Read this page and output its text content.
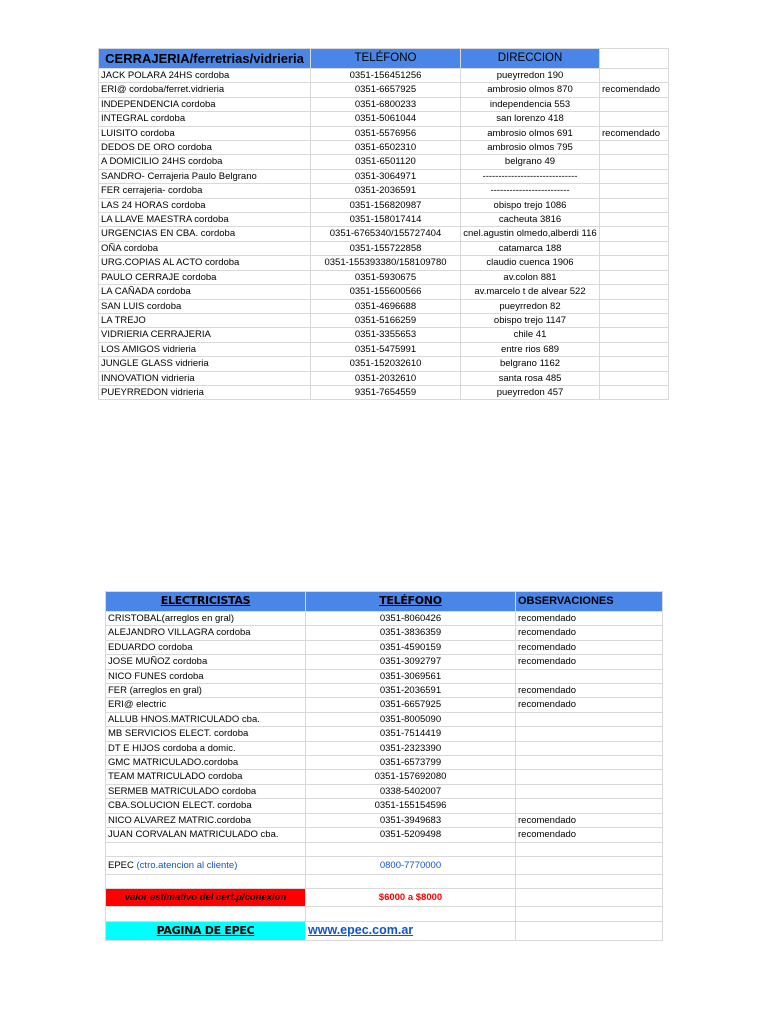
CERRAJERIA/ferretrias/vidrieria	TELÉFONO	DIRECCION	
JACK POLARA 24HS cordoba	0351-156451256	pueyrredon 190	
ERI@ cordoba/ferret.vidrieria	0351-6657925	ambrosio olmos 870	recomendado
INDEPENDENCIA cordoba	0351-6800233	independencia 553	
INTEGRAL cordoba	0351-5061044	san lorenzo 418	
LUISITO cordoba	0351-5576956	ambrosio olmos 691	recomendado
DEDOS DE ORO cordoba	0351-6502310	ambrosio olmos 795	
A DOMICILIO 24HS cordoba	0351-6501120	belgrano 49	
SANDRO- Cerrajeria Paulo Belgrano	0351-3064971	------------------------------	
FER cerrajeria- cordoba	0351-2036591	-------------------------	
LAS 24 HORAS cordoba	0351-156820987	obispo trejo 1086	
LA LLAVE MAESTRA cordoba	0351-158017414	cacheuta 3816	
URGENCIAS EN CBA. cordoba	0351-6765340/155727404	cnel.agustin olmedo,alberdi 116	
OÑA cordoba	0351-155722858	catamarca 188	
URG.COPIAS AL ACTO cordoba	0351-155393380/158109780	claudio cuenca 1906	
PAULO CERRAJE cordoba	0351-5930675	av.colon 881	
LA CAÑADA cordoba	0351-155600566	av.marcelo t de alvear 522	
SAN LUIS cordoba	0351-4696688	pueyrredon 82	
LA TREJO	0351-5166259	obispo trejo 1147	
VIDRIERIA CERRAJERIA	0351-3355653	chile 41	
LOS AMIGOS vidrieria	0351-5475991	entre rios 689	
JUNGLE GLASS vidrieria	0351-152032610	belgrano 1162	
INNOVATION vidrieria	0351-2032610	santa rosa 485	
PUEYRREDON vidrieria	9351-7654559	pueyrredon 457	
ELECTRICISTAS	TELÉFONO	OBSERVACIONES
CRISTOBAL(arreglos en gral)	0351-8060426	recomendado
ALEJANDRO VILLAGRA cordoba	0351-3836359	recomendado
EDUARDO cordoba	0351-4590159	recomendado
JOSE MUÑOZ cordoba	0351-3092797	recomendado
NICO FUNES cordoba	0351-3069561	
FER (arreglos en gral)	0351-2036591	recomendado
ERI@ electric	0351-6657925	recomendado
ALLUB HNOS.MATRICULADO cba.	0351-8005090	
MB SERVICIOS ELECT. cordoba	0351-7514419	
DT E HIJOS cordoba a domic.	0351-2323390	
GMC MATRICULADO.cordoba	0351-6573799	
TEAM MATRICULADO cordoba	0351-157692080	
SERMEB MATRICULADO cordoba	0338-5402007	
CBA.SOLUCION ELECT. cordoba	0351-155154596	
NICO ALVAREZ MATRIC.cordoba	0351-3949683	recomendado
JUAN CORVALAN MATRICULADO cba.	0351-5209498	recomendado

EPEC (ctro.atencion al cliente)	0800-7770000	

valor estimativo del cert.p/conexion	$6000 a $8000	

PAGINA DE EPEC	www.epec.com.ar	
